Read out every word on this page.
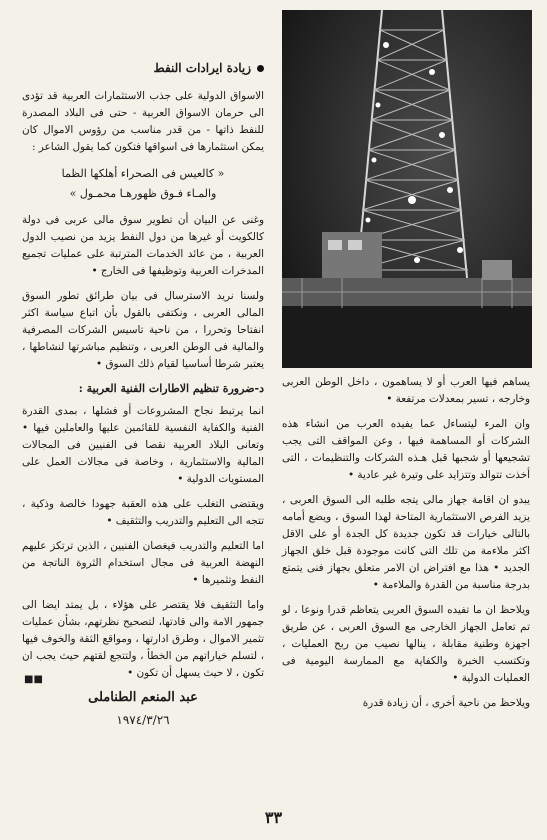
زيادة ايرادات النفط

الاسواق الدولية على جذب الاستثمارات العربية قد تؤدى الى حرمان الاسواق العربية - حتى فى البلاد المصدرة للنفط ذاتها - من قدر مناسب من رؤوس الاموال كان يمكن استثمارها فى اسواقها فتكون كما يقول الشاعر :

« كالعيس فى الصحراء أهلكها الظما
والمـاء فـوق ظهورهـا محمـول »

وغنى عن البيان أن تطوير سوق مالى عربى فى دولة كالكويت أو غيرها من دول النفط يزيد من نصيب الدول العربية ، من عائد الخدمات المترتبة على عمليات تجميع المدخرات العربية وتوظيفها فى الخارج •

ولسنا نريد الاسترسال فى بيان طرائق تطور السوق المالى العربى ، ونكتفى بالقول بأن اتباع سياسة اكثر انفتاحا وتحررا ، من ناحية تاسيس الشركات المصرفية والمالية فى الوطن العربى ، وتنظيم مباشرتها لنشاطها ، يعتبر شرطا أساسيا لقيام ذلك السوق •

د-ضرورة تنظيم الاطارات الفنية العربية :

انما يرتبط نجاح المشروعات أو فشلها ، بمدى القدرة الفنية والكفاية النفسية للقائمين عليها والعاملين فيها • وتعانى البلاد العربية نقصا فى الفنيين فى المجالات المالية والاستثمارية ، وخاصة فى مجالات العمل على المستويات الدولية •

ويقتضى التغلب على هذه العقبة جهودا خالصة وذكية ، تتجه الى التعليم والتدريب والتثقيف •

اما التعليم والتدريب فيغصان الفنيين ، الذين ترتكز عليهم النهضة العربية فى مجال استخدام الثروة الناتجة من النفط وتثميرها •

واما التثقيف فلا يقتصر على هؤلاء ، بل يمتد ايضا الى جمهور الامة والى قادتها، لتصحيح نظرتهم، بشأن عمليات تثمير الاموال ، وطرق ادارتها ، ومواقع الثقة والخوف فيها ، لتسلم خياراتهم من الخطأ ، ولتتجع لقتهم حيث يجب ان تكون ، لا حيث يسهل أن تكون •

■■
عبد المنعم الطناملى
١٩٧٤/٣/٢٦

يساهم فيها العرب أو لا يساهمون ، داخل الوطن العربى وخارجه ، تسير بمعدلات مرتفعة •

وان المرء ليتساءل عما يفيده العرب من انشاء هذه الشركات أو المساهمة فيها ، وعن المواقف التى يجب تشجيعها أو شجبها قبل هـذه الشركات والتنظيمات ، التى أخذت تتوالد وتتزايد على وتيرة غير عادية •

يبدو ان اقامة جهاز مالى يتجه طلبه الى السوق العربى ، يزيد الفرص الاستثمارية المتاحة لهذا السوق ، ويضع أمامه بالتالى خيارات قد تكون جديدة كل الجدة أو على الاقل اكثر ملاءمة من تلك التى كانت موجودة قبل خلق الجهاز الجديد • هذا مع افتراض ان الامر متعلق بجهاز فنى يتمتع بدرجة مناسبة من القدرة والملاءمة •

ويلاحظ ان ما تفيده السوق العربى يتعاظم قدرا ونوعا ، لو تم تعامل الجهاز الخارجى مع السوق العربى ، عن طريق اجهزة وطنية مقابلة ، ينالها نصيب من ربح العمليات ، وتكتسب الخبرة والكفاية مع الممارسة اليومية فى العمليات الدولية •

ويلاحظ من ناحية أخرى ، أن زيادة قدرة

٣٣
